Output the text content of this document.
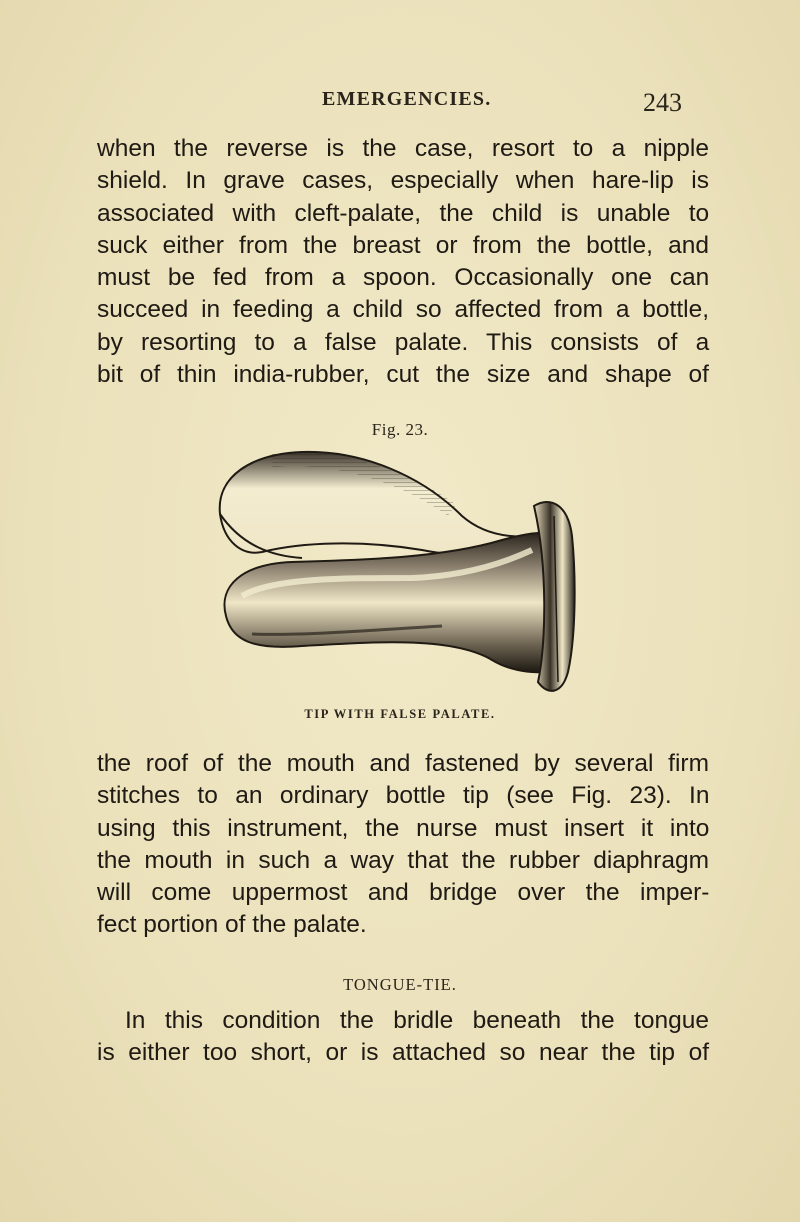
EMERGENCIES.	243
when the reverse is the case, resort to a nipple
shield. In grave cases, especially when hare-lip is
associated with cleft-palate, the child is unable to
suck either from the breast or from the bottle, and
must be fed from a spoon. Occasionally one can
succeed in feeding a child so affected from a bottle,
by resorting to a false palate. This consists of a
bit of thin india-rubber, cut the size and shape of
Fig. 23.
TIP WITH FALSE PALATE.
the roof of the mouth and fastened by several firm
stitches to an ordinary bottle tip (see Fig. 23). In
using this instrument, the nurse must insert it into
the mouth in such a way that the rubber diaphragm
will come uppermost and bridge over the imper-
fect portion of the palate.
TONGUE-TIE.
In this condition the bridle beneath the tongue
is either too short, or is attached so near the tip of
